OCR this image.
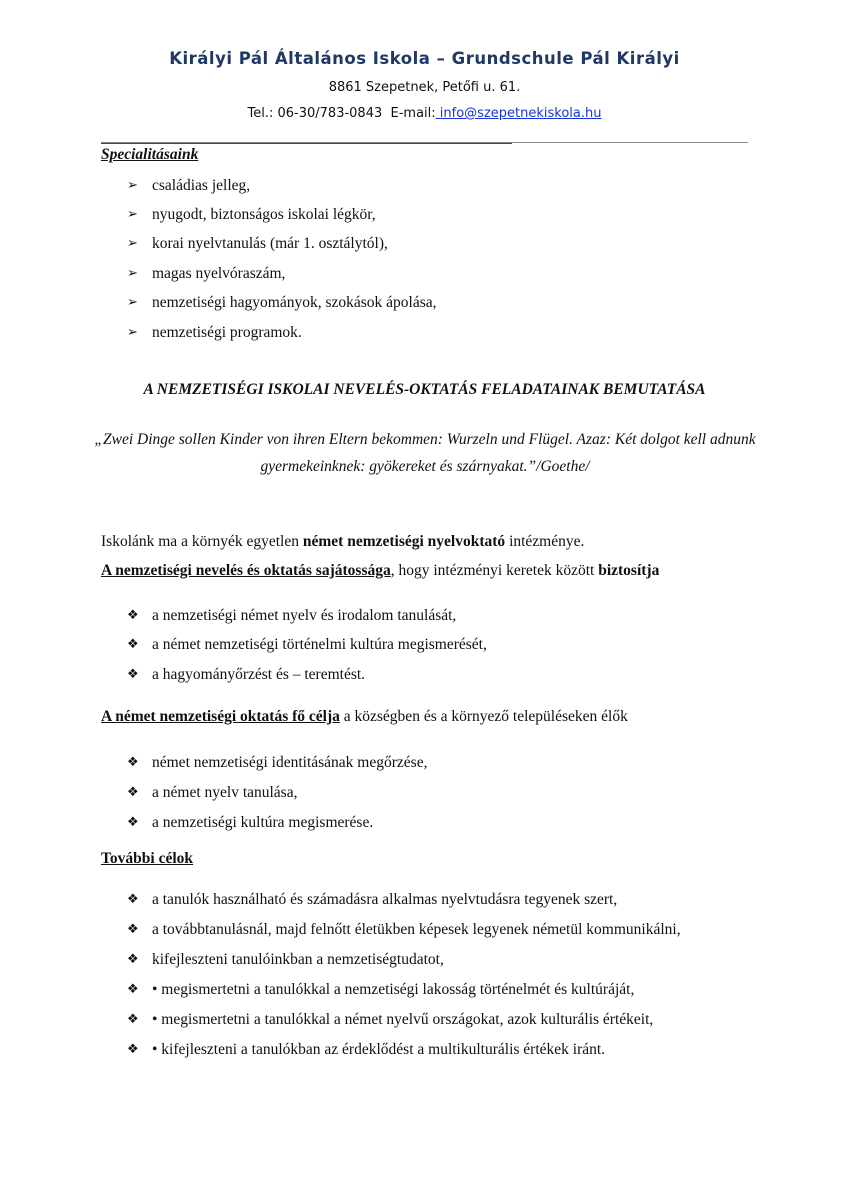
Királyi Pál Általános Iskola – Grundschule Pál Királyi
8861 Szepetnek, Petőfi u. 61.
Tel.: 06-30/783-0843 E-mail: info@szepetnekiskola.hu
Specialitásaink
➢ családias jelleg,
➢ nyugodt, biztonságos iskolai légkör,
➢ korai nyelvtanulás (már 1. osztálytól),
➢ magas nyelvóraszám,
➢ nemzetiségi hagyományok, szokások ápolása,
➢ nemzetiségi programok.
A NEMZETISÉGI ISKOLAI NEVELÉS-OKTATÁS FELADATAINAK BEMUTATÁSA
„Zwei Dinge sollen Kinder von ihren Eltern bekommen: Wurzeln und Flügel. Azaz: Két dolgot kell adnunk gyermekeinknek: gyökereket és szárnyakat.”/Goethe/
Iskolánk ma a környék egyetlen német nemzetiségi nyelvoktató intézménye.
A nemzetiségi nevelés és oktatás sajátossága, hogy intézményi keretek között biztosítja
❖ a nemzetiségi német nyelv és irodalom tanulását,
❖ a német nemzetiségi történelmi kultúra megismerését,
❖ a hagyományőrzést és – teremtést.
A német nemzetiségi oktatás fő célja a községben és a környező településeken élők
❖ német nemzetiségi identitásának megőrzése,
❖ a német nyelv tanulása,
❖ a nemzetiségi kultúra megismerése.
További célok
❖ a tanulók használható és számadásra alkalmas nyelvtudásra tegyenek szert,
❖ a továbbtanulásnál, majd felnőtt életükben képesek legyenek németül kommunikálni,
❖ kifejleszteni tanulóinkban a nemzetiségtudatot,
❖ • megismertetni a tanulókkal a nemzetiségi lakosság történelmét és kultúráját,
❖ • megismertetni a tanulókkal a német nyelvű országokat, azok kulturális értékeit,
❖ • kifejleszteni a tanulókban az érdeklődést a multikulturális értékek iránt.
